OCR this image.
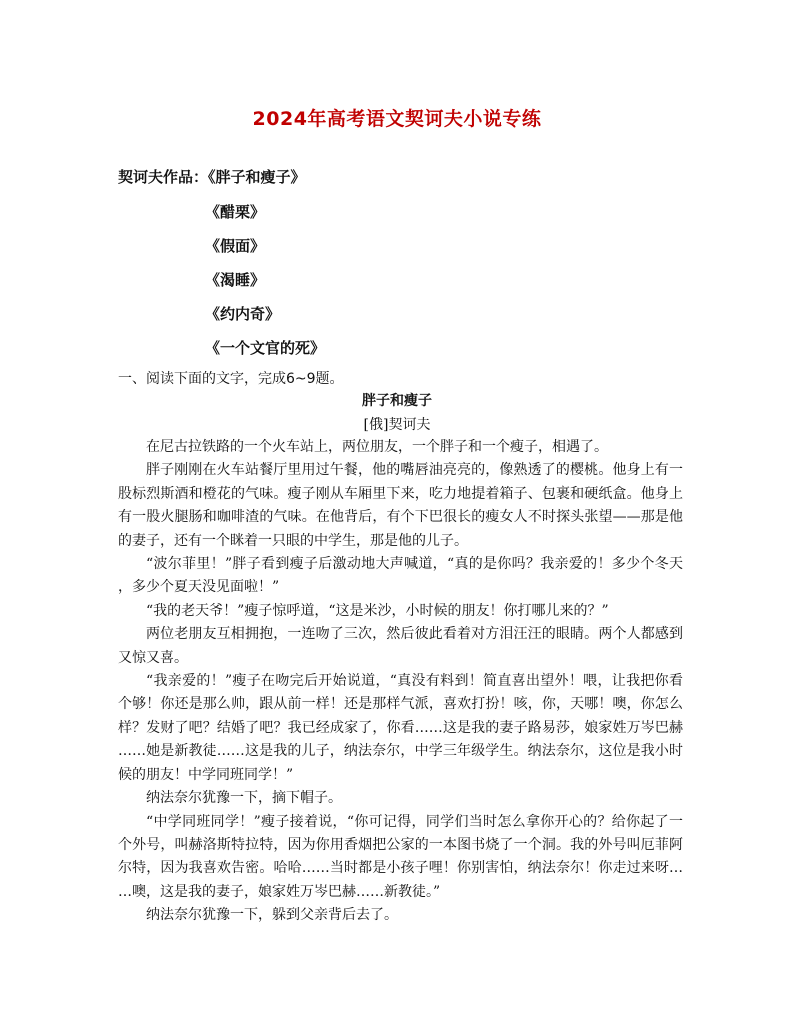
2024年高考语文契诃夫小说专练
契诃夫作品：《胖子和瘦子》
《醋栗》
《假面》
《渴睡》
《约内奇》
《一个文官的死》
一、阅读下面的文字，完成6~9题。
胖子和瘦子
[俄]契诃夫

在尼古拉铁路的一个火车站上，两位朋友，一个胖子和一个瘦子，相遇了。

胖子刚刚在火车站餐厅里用过午餐，他的嘴唇油亮亮的，像熟透了的樱桃。他身上有一股标烈斯酒和橙花的气味。瘦子刚从车厢里下来，吃力地提着箱子、包裹和硬纸盒。他身上有一股火腿肠和咖啡渣的气味。在他背后，有个下巴很长的瘦女人不时探头张望——那是他的妻子，还有一个眯着一只眼的中学生，那是他的儿子。

“波尔菲里！”胖子看到瘦子后激动地大声喊道，“真的是你吗？我亲爱的！多少个冬天，多少个夏天没见面啦！”

“我的老天爷！”瘦子惊呼道，“这是米沙，小时候的朋友！你打哪儿来的？”

两位老朋友互相拥抱，一连吻了三次，然后彼此看着对方泪汪汪的眼睛。两个人都感到又惊又喜。

“我亲爱的！”瘦子在吻完后开始说道，“真没有料到！简直喜出望外！喂，让我把你看个够！你还是那么帅，跟从前一样！还是那样气派，喜欢打扮！咳，你，天哪！噢，你怎么样？发财了吧？结婚了吧？我已经成家了，你看……这是我的妻子路易莎，娘家姓万岑巴赫……她是新教徒……这是我的儿子，纳法奈尔，中学三年级学生。纳法奈尔，这位是我小时候的朋友！中学同班同学！”

纳法奈尔犹豫一下，摘下帽子。

“中学同班同学！”瘦子接着说，“你可记得，同学们当时怎么拿你开心的？给你起了一个外号，叫赫洛斯特拉特，因为你用香烟把公家的一本图书烧了一个洞。我的外号叫厄菲阿尔特，因为我喜欢告密。哈哈……当时都是小孩子哩！你别害怕，纳法奈尔！你走过来呀……噢，这是我的妻子，娘家姓万岑巴赫……新教徒。”

纳法奈尔犹豫一下，躲到父亲背后去了。
